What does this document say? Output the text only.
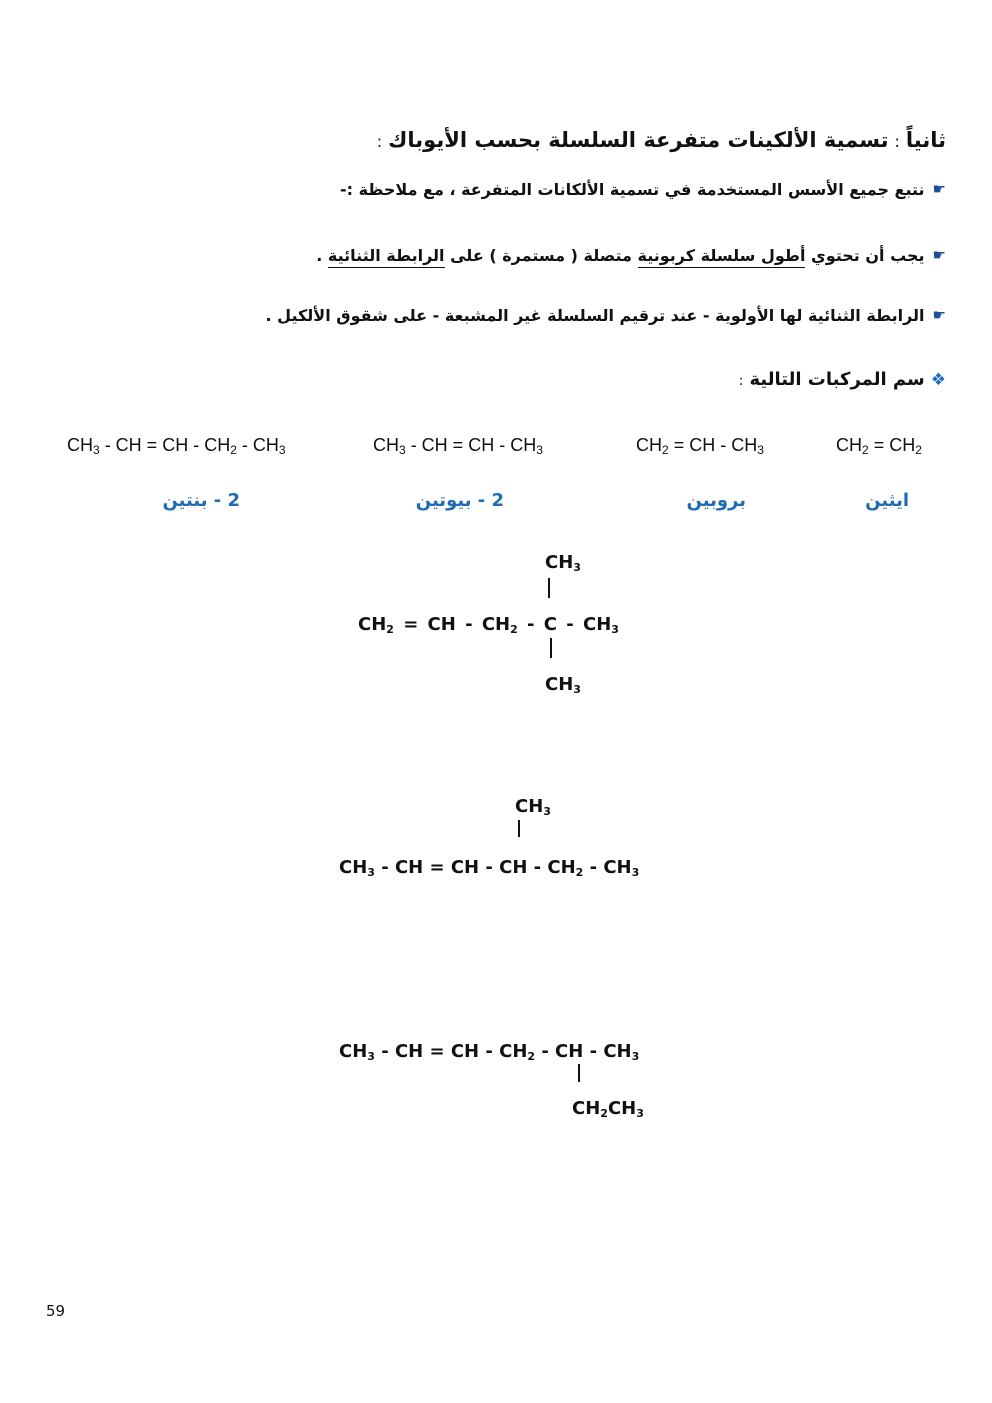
ثانياً:تسمية الألكينات متفرعة السلسلة بحسب الأيوباك:
☛نتبع جميع الأسس المستخدمة في تسمية الألكانات المتفرعة ، مع ملاحظة :-
☛يجب أن تحتوي أطول سلسلة كربونية متصلة ( مستمرة ) على الرابطة الثنائية .
☛الرابطة الثنائية لها الأولوية - عند ترقيم السلسلة غير المشبعة - على شقوق الألكيل .
❖سم المركبات التالية:
$CH_2 = CH_2$
$CH_2$ = CH - $CH_3$
$CH_3$ - CH = CH - $CH_3$
$CH_3$ - CH = CH - $CH_2 - CH_3$
ايثين
بروبين
2 - بيوتين
2 - بنتين
$CH_3$
$CH_2$ = CH - $CH_2$ - C - $CH_3$
$CH_3$
$CH_3$
$CH_3$ - CH = CH - CH - $CH_2 - CH_3$
$CH_3$ - CH = CH - $CH_2$ - CH - $CH_3$
$CH_2CH_3$
59
